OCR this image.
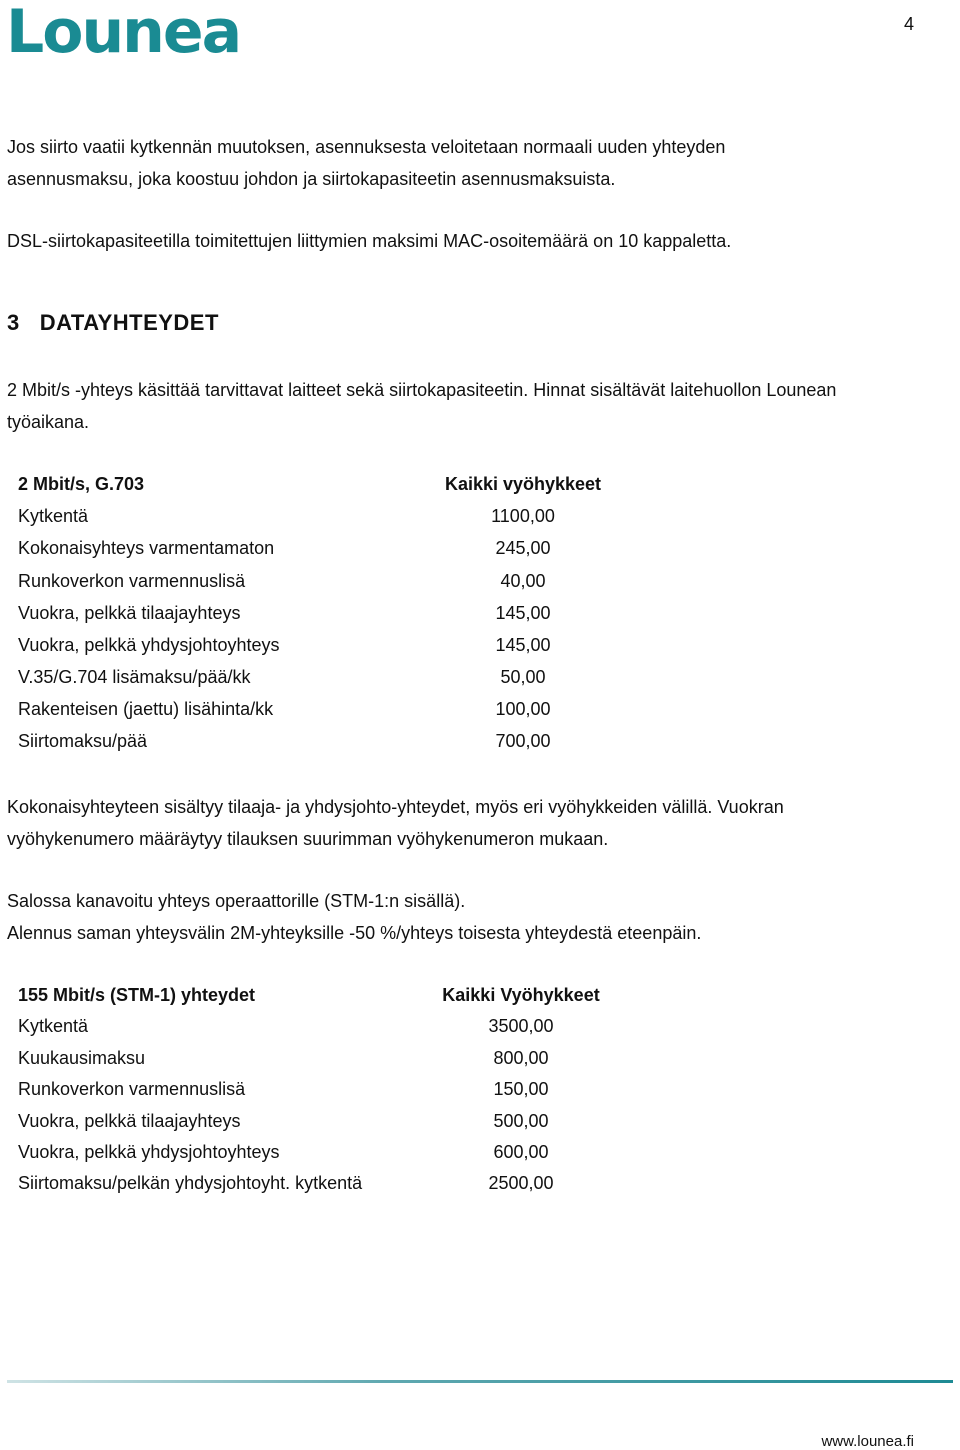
Lounea	4

Jos siirto vaatii kytkennän muutoksen, asennuksesta veloitetaan normaali uuden yhteyden
asennusmaksu, joka koostuu johdon ja siirtokapasiteetin asennusmaksuista.

DSL-siirtokapasiteetilla toimitettujen liittymien maksimi MAC-osoitemäärä on 10 kappaletta.

3 DATAYHTEYDET

2 Mbit/s -yhteys käsittää tarvittavat laitteet sekä siirtokapasiteetin. Hinnat sisältävät laitehuollon Lounean
työaikana.

2 Mbit/s, G.703	Kaikki vyöhykkeet
Kytkentä	1100,00
Kokonaisyhteys varmentamaton	245,00
Runkoverkon varmennuslisä	40,00
Vuokra, pelkkä tilaajayhteys	145,00
Vuokra, pelkkä yhdysjohtoyhteys	145,00
V.35/G.704 lisämaksu/pää/kk	50,00
Rakenteisen (jaettu) lisähinta/kk	100,00
Siirtomaksu/pää	700,00

Kokonaisyhteyteen sisältyy tilaaja- ja yhdysjohto-yhteydet, myös eri vyöhykkeiden välillä. Vuokran
vyöhykenumero määräytyy tilauksen suurimman vyöhykenumeron mukaan.

Salossa kanavoitu yhteys operaattorille (STM-1:n sisällä).
Alennus saman yhteysvälin 2M-yhteyksille -50 %/yhteys toisesta yhteydestä eteenpäin.

155 Mbit/s (STM-1) yhteydet	Kaikki Vyöhykkeet
Kytkentä	3500,00
Kuukausimaksu	800,00
Runkoverkon varmennuslisä	150,00
Vuokra, pelkkä tilaajayhteys	500,00
Vuokra, pelkkä yhdysjohtoyhteys	600,00
Siirtomaksu/pelkän yhdysjohtoyht. kytkentä	2500,00
www.lounea.fi
